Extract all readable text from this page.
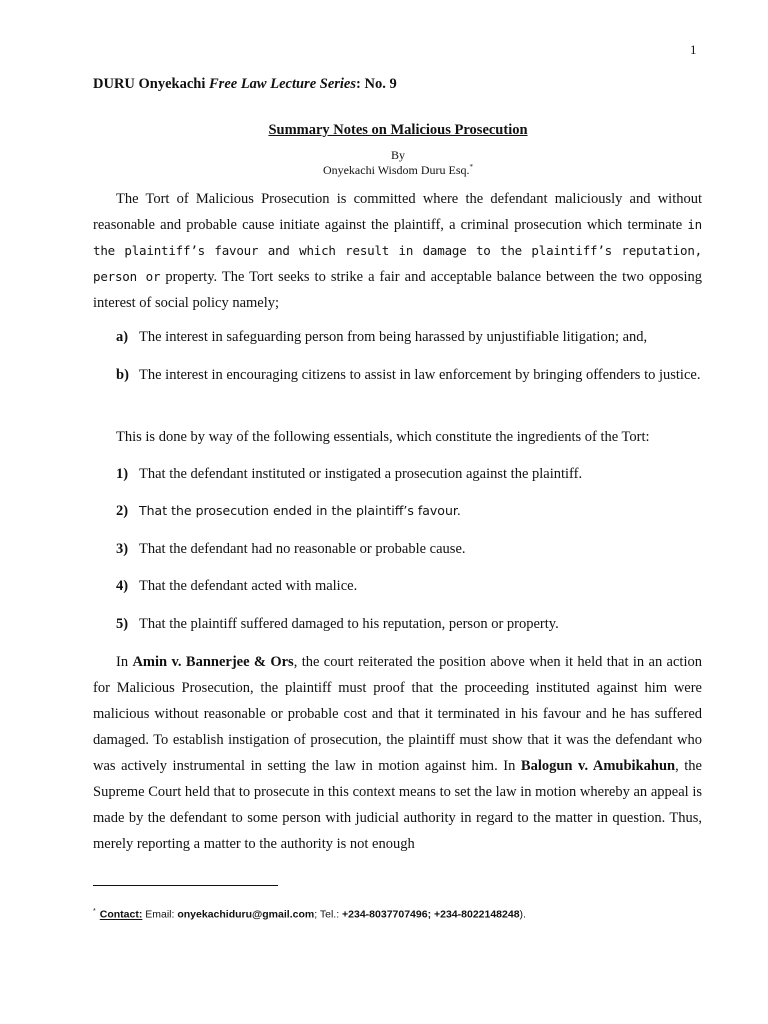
1
DURU Onyekachi Free Law Lecture Series: No. 9
Summary Notes on Malicious Prosecution
By
Onyekachi Wisdom Duru Esq.*
The Tort of Malicious Prosecution is committed where the defendant maliciously and without reasonable and probable cause initiate against the plaintiff, a criminal prosecution which terminate in the plaintiff’s favour and which result in damage to the plaintiff’s reputation, person or property. The Tort seeks to strike a fair and acceptable balance between the two opposing interest of social policy namely;
a) The interest in safeguarding person from being harassed by unjustifiable litigation; and,
b) The interest in encouraging citizens to assist in law enforcement by bringing offenders to justice.
This is done by way of the following essentials, which constitute the ingredients of the Tort:
1) That the defendant instituted or instigated a prosecution against the plaintiff.
2) That the prosecution ended in the plaintiff’s favour.
3) That the defendant had no reasonable or probable cause.
4) That the defendant acted with malice.
5) That the plaintiff suffered damaged to his reputation, person or property.
In Amin v. Bannerjee & Ors, the court reiterated the position above when it held that in an action for Malicious Prosecution, the plaintiff must proof that the proceeding instituted against him were malicious without reasonable or probable cost and that it terminated in his favour and he has suffered damaged. To establish instigation of prosecution, the plaintiff must show that it was the defendant who was actively instrumental in setting the law in motion against him. In Balogun v. Amubikahun, the Supreme Court held that to prosecute in this context means to set the law in motion whereby an appeal is made by the defendant to some person with judicial authority in regard to the matter in question. Thus, merely reporting a matter to the authority is not enough
* Contact: Email: onyekachiduru@gmail.com; Tel.: +234-8037707496; +234-8022148248).
